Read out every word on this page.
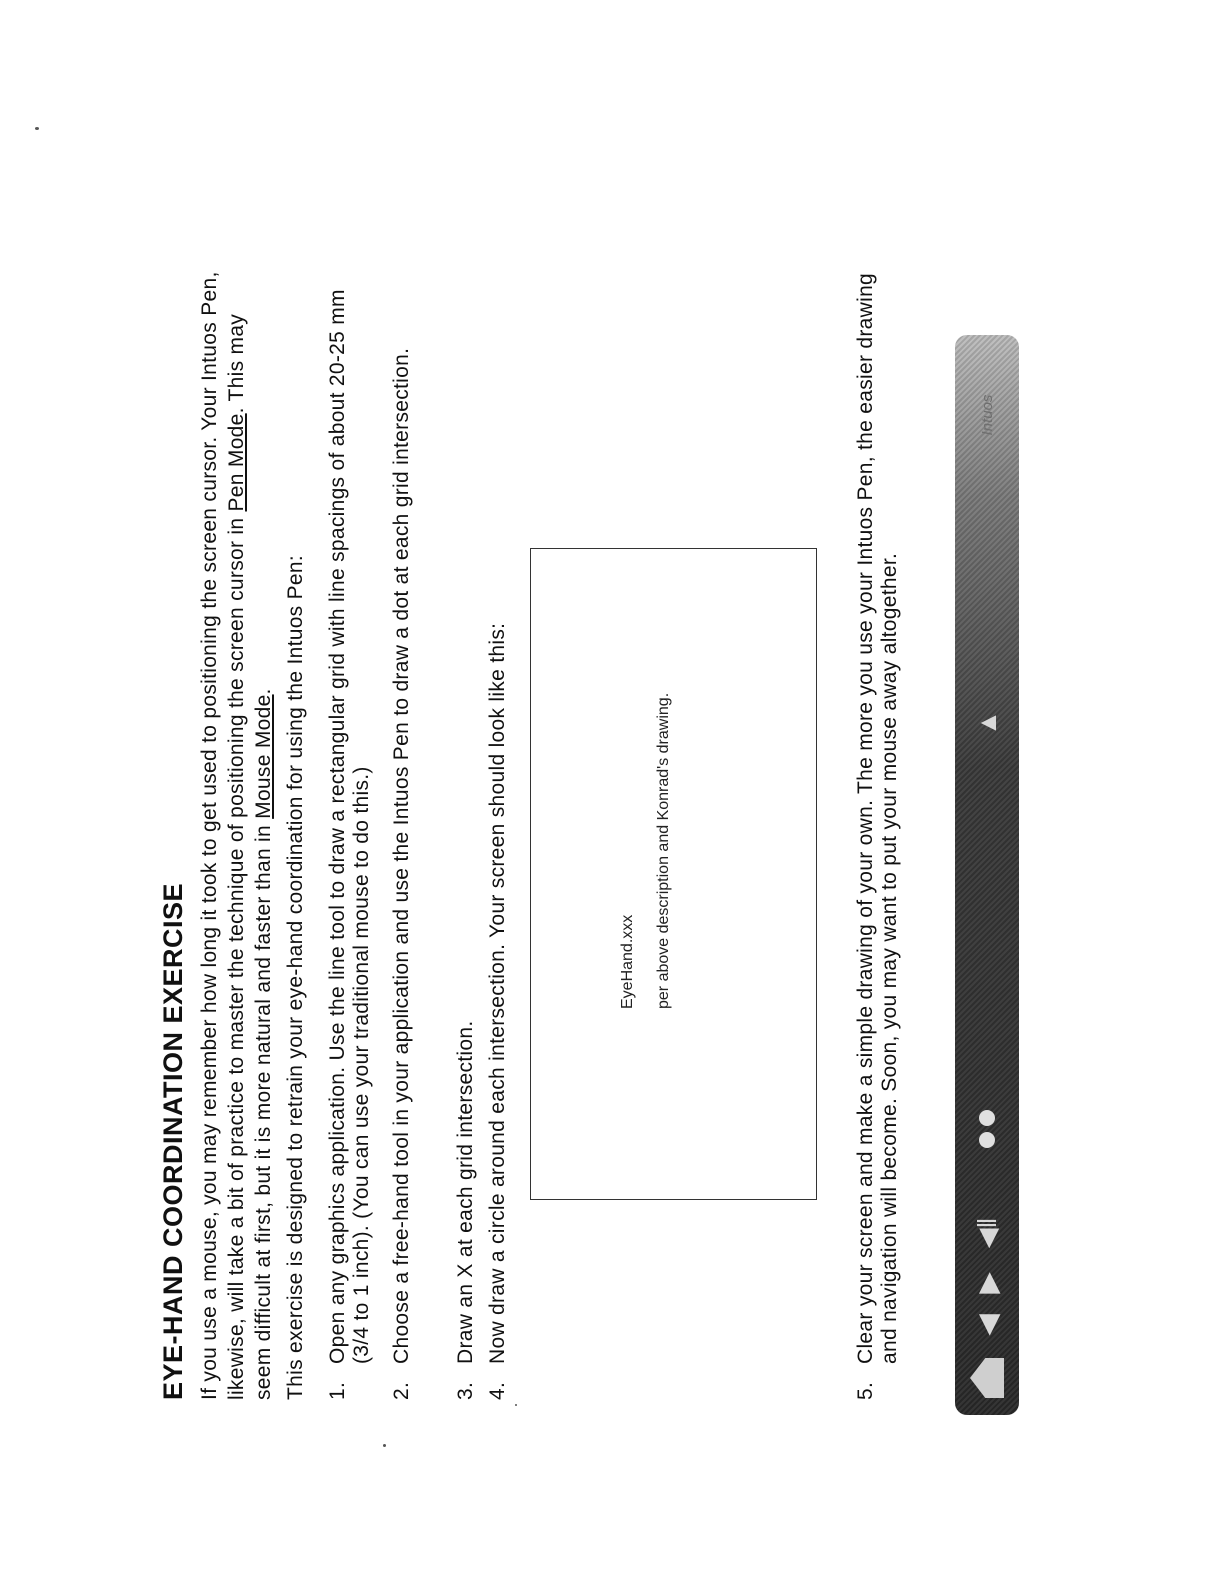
EYE-HAND COORDINATION EXERCISE If you use a mouse, you may remember how long it took to get used to positioning the screen cursor. Your Intuos Pen, likewise, will take a bit of practice to master the technique of positioning the screen cursor in Pen Mode. This may seem difficult at first, but it is more natural and faster than in Mouse Mode. This exercise is designed to retrain your eye-hand coordination for using the Intuos Pen: 1.
Open any graphics application. Use the line tool to draw a rectangular grid with line spacings of about 20-25 mm (3/4 to 1 inch). (You can use your traditional mouse to do this.)
2.
Choose a free-hand tool in your application and use the Intuos Pen to draw a dot at each grid intersection.
3.
Draw an X at each grid intersection.
4.
Now draw a circle around each intersection. Your screen should look like this:	EyeHand.xxx per above description and Konrad's drawing.
5.
Clear your screen and make a simple drawing of your own. The more you use your Intuos Pen, the easier drawing and navigation will become. Soon, you may want to put your mouse away altogether.	◀
▶
◀‖
▲
Intuos
